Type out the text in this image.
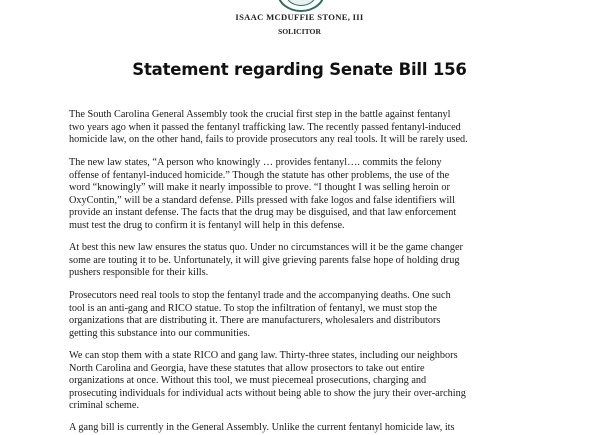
ISAAC MCDUFFIE STONE, III
SOLICITOR
Statement regarding Senate Bill 156
The South Carolina General Assembly took the crucial first step in the battle against fentanyl
two years ago when it passed the fentanyl trafficking law. The recently passed fentanyl-induced
homicide law, on the other hand, fails to provide prosecutors any real tools. It will be rarely used.
The new law states, “A person who knowingly … provides fentanyl…. commits the felony
offense of fentanyl-induced homicide.” Though the statute has other problems, the use of the
word “knowingly” will make it nearly impossible to prove. “I thought I was selling heroin or
OxyContin,” will be a standard defense. Pills pressed with fake logos and false identifiers will
provide an instant defense. The facts that the drug may be disguised, and that law enforcement
must test the drug to confirm it is fentanyl will help in this defense.
At best this new law ensures the status quo. Under no circumstances will it be the game changer
some are touting it to be. Unfortunately, it will give grieving parents false hope of holding drug
pushers responsible for their kills.
Prosecutors need real tools to stop the fentanyl trade and the accompanying deaths. One such
tool is an anti-gang and RICO statue. To stop the infiltration of fentanyl, we must stop the
organizations that are distributing it. There are manufacturers, wholesalers and distributors
getting this substance into our communities.
We can stop them with a state RICO and gang law. Thirty-three states, including our neighbors
North Carolina and Georgia, have these statutes that allow prosectors to take out entire
organizations at once. Without this tool, we must piecemeal prosecutions, charging and
prosecuting individuals for individual acts without being able to show the jury their over-arching
criminal scheme.
A gang bill is currently in the General Assembly. Unlike the current fentanyl homicide law, its
